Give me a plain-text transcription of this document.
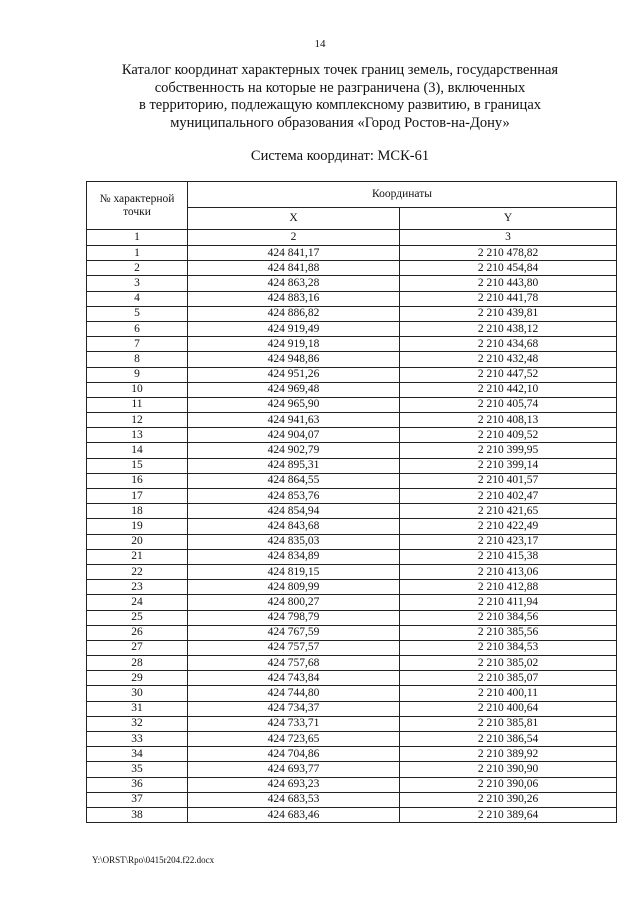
14
Каталог координат характерных точек границ земель, государственная
собственность на которые не разграничена (3), включенных
в территорию, подлежащую комплексному развитию, в границах
муниципального образования «Город Ростов-на-Дону»
Система координат: МСК-61
№ характерной точки	Координаты	
	X	Y
1	2	3
1	424 841,17	2 210 478,82
2	424 841,88	2 210 454,84
3	424 863,28	2 210 443,80
4	424 883,16	2 210 441,78
5	424 886,82	2 210 439,81
6	424 919,49	2 210 438,12
7	424 919,18	2 210 434,68
8	424 948,86	2 210 432,48
9	424 951,26	2 210 447,52
10	424 969,48	2 210 442,10
11	424 965,90	2 210 405,74
12	424 941,63	2 210 408,13
13	424 904,07	2 210 409,52
14	424 902,79	2 210 399,95
15	424 895,31	2 210 399,14
16	424 864,55	2 210 401,57
17	424 853,76	2 210 402,47
18	424 854,94	2 210 421,65
19	424 843,68	2 210 422,49
20	424 835,03	2 210 423,17
21	424 834,89	2 210 415,38
22	424 819,15	2 210 413,06
23	424 809,99	2 210 412,88
24	424 800,27	2 210 411,94
25	424 798,79	2 210 384,56
26	424 767,59	2 210 385,56
27	424 757,57	2 210 384,53
28	424 757,68	2 210 385,02
29	424 743,84	2 210 385,07
30	424 744,80	2 210 400,11
31	424 734,37	2 210 400,64
32	424 733,71	2 210 385,81
33	424 723,65	2 210 386,54
34	424 704,86	2 210 389,92
35	424 693,77	2 210 390,90
36	424 693,23	2 210 390,06
37	424 683,53	2 210 390,26
38	424 683,46	2 210 389,64
Y:\ORST\Rpo\0415r204.f22.docx
